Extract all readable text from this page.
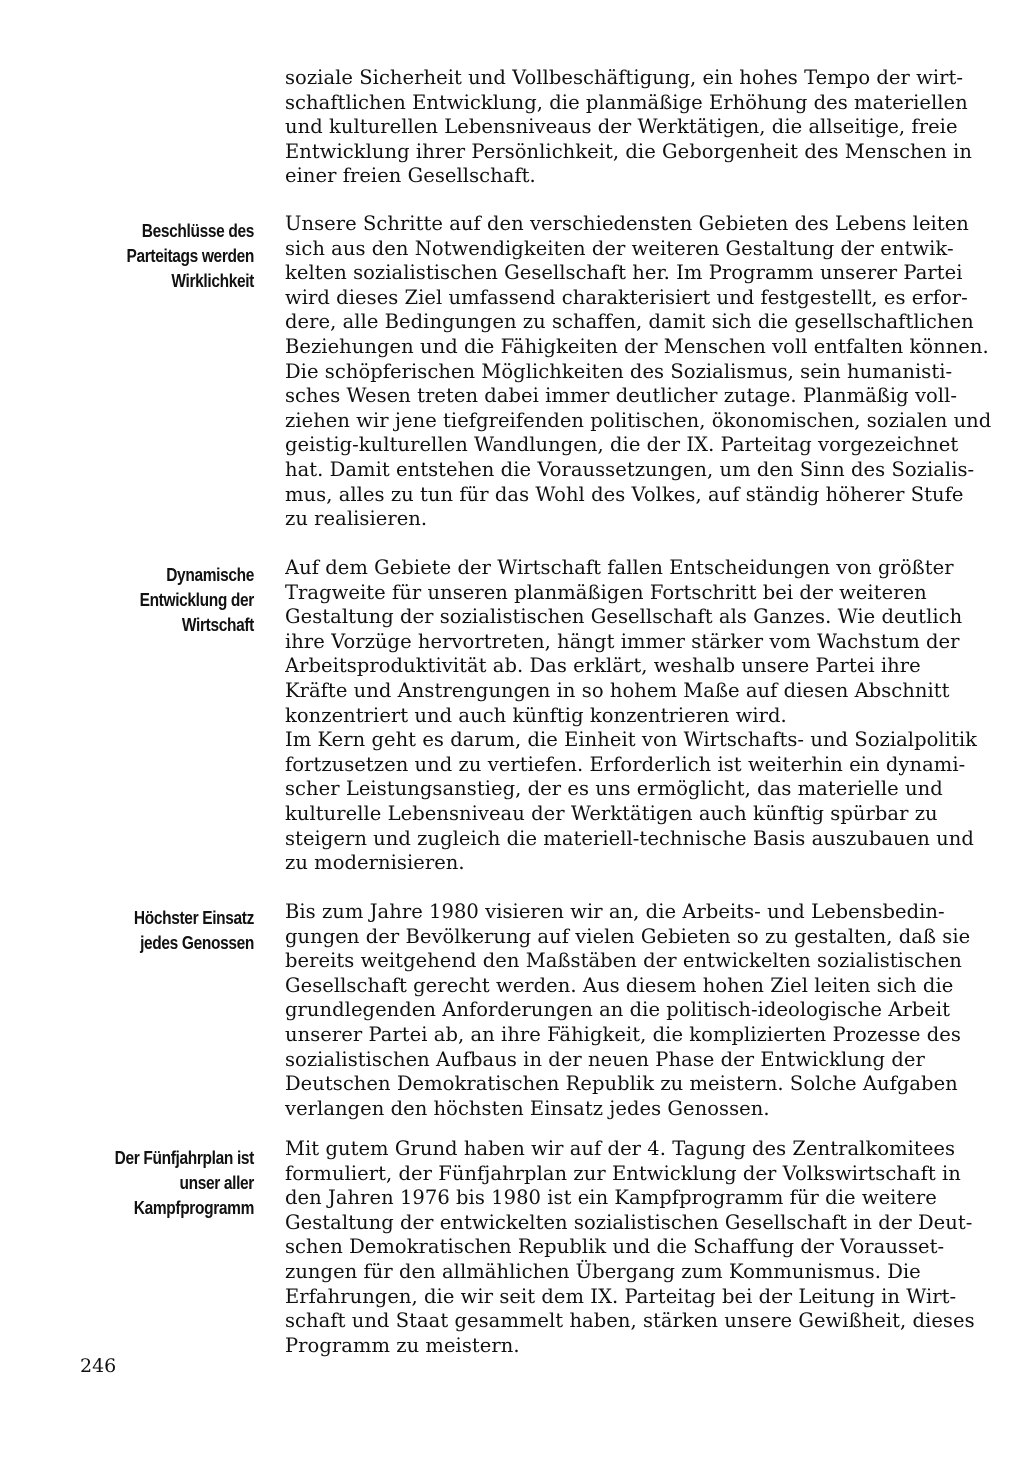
soziale Sicherheit und Vollbeschäftigung, ein hohes Tempo der wirt-
schaftlichen Entwicklung, die planmäßige Erhöhung des materiellen
und kulturellen Lebensniveaus der Werktätigen, die allseitige, freie
Entwicklung ihrer Persönlichkeit, die Geborgenheit des Menschen in
einer freien Gesellschaft.

Beschlüsse des
Parteitags werden
Wirklichkeit

Unsere Schritte auf den verschiedensten Gebieten des Lebens leiten
sich aus den Notwendigkeiten der weiteren Gestaltung der entwik-
kelten sozialistischen Gesellschaft her. Im Programm unserer Partei
wird dieses Ziel umfassend charakterisiert und festgestellt, es erfor-
dere, alle Bedingungen zu schaffen, damit sich die gesellschaftlichen
Beziehungen und die Fähigkeiten der Menschen voll entfalten können.
Die schöpferischen Möglichkeiten des Sozialismus, sein humanisti-
sches Wesen treten dabei immer deutlicher zutage. Planmäßig voll-
ziehen wir jene tiefgreifenden politischen, ökonomischen, sozialen und
geistig-kulturellen Wandlungen, die der IX. Parteitag vorgezeichnet
hat. Damit entstehen die Voraussetzungen, um den Sinn des Sozialis-
mus, alles zu tun für das Wohl des Volkes, auf ständig höherer Stufe
zu realisieren.

Dynamische
Entwicklung der
Wirtschaft

Auf dem Gebiete der Wirtschaft fallen Entscheidungen von größter
Tragweite für unseren planmäßigen Fortschritt bei der weiteren
Gestaltung der sozialistischen Gesellschaft als Ganzes. Wie deutlich
ihre Vorzüge hervortreten, hängt immer stärker vom Wachstum der
Arbeitsproduktivität ab. Das erklärt, weshalb unsere Partei ihre
Kräfte und Anstrengungen in so hohem Maße auf diesen Abschnitt
konzentriert und auch künftig konzentrieren wird.
Im Kern geht es darum, die Einheit von Wirtschafts- und Sozialpolitik
fortzusetzen und zu vertiefen. Erforderlich ist weiterhin ein dynami-
scher Leistungsanstieg, der es uns ermöglicht, das materielle und
kulturelle Lebensniveau der Werktätigen auch künftig spürbar zu
steigern und zugleich die materiell-technische Basis auszubauen und
zu modernisieren.

Höchster Einsatz
jedes Genossen

Bis zum Jahre 1980 visieren wir an, die Arbeits- und Lebensbedin-
gungen der Bevölkerung auf vielen Gebieten so zu gestalten, daß sie
bereits weitgehend den Maßstäben der entwickelten sozialistischen
Gesellschaft gerecht werden. Aus diesem hohen Ziel leiten sich die
grundlegenden Anforderungen an die politisch-ideologische Arbeit
unserer Partei ab, an ihre Fähigkeit, die komplizierten Prozesse des
sozialistischen Aufbaus in der neuen Phase der Entwicklung der
Deutschen Demokratischen Republik zu meistern. Solche Aufgaben
verlangen den höchsten Einsatz jedes Genossen.

Der Fünfjahrplan ist
unser aller
Kampfprogramm

Mit gutem Grund haben wir auf der 4. Tagung des Zentralkomitees
formuliert, der Fünfjahrplan zur Entwicklung der Volkswirtschaft in
den Jahren 1976 bis 1980 ist ein Kampfprogramm für die weitere
Gestaltung der entwickelten sozialistischen Gesellschaft in der Deut-
schen Demokratischen Republik und die Schaffung der Vorausset-
zungen für den allmählichen Übergang zum Kommunismus. Die
Erfahrungen, die wir seit dem IX. Parteitag bei der Leitung in Wirt-
schaft und Staat gesammelt haben, stärken unsere Gewißheit, dieses
Programm zu meistern.

246
